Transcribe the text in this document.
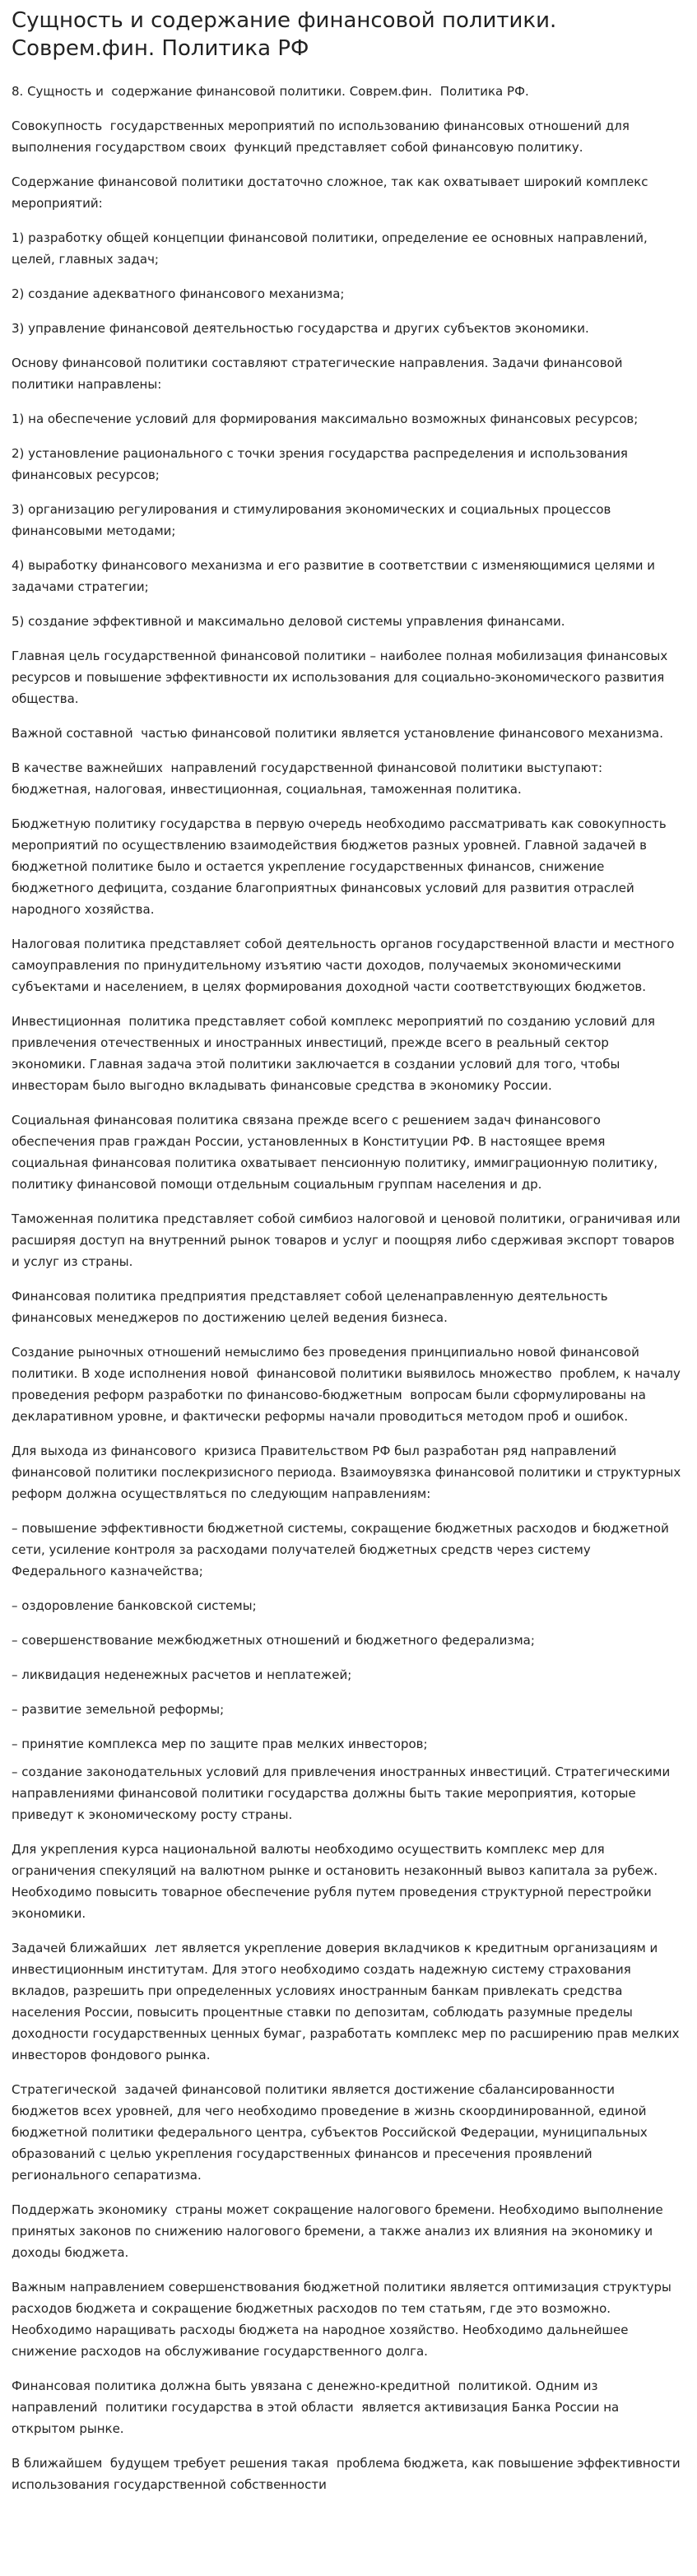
Сущность и содержание финансовой политики. Соврем.фин. Политика РФ
8. Сущность и  содержание финансовой политики. Соврем.фин.  Политика РФ.
Совокупность  государственных мероприятий по использованию финансовых отношений для выполнения государством своих  функций представляет собой финансовую политику.
Содержание финансовой политики достаточно сложное, так как охватывает широкий комплекс мероприятий:
1) разработку общей концепции финансовой политики, определение ее основных направлений, целей, главных задач;
2) создание адекватного финансового механизма;
3) управление финансовой деятельностью государства и других субъектов экономики.
Основу финансовой политики составляют стратегические направления. Задачи финансовой политики направлены:
1) на обеспечение условий для формирования максимально возможных финансовых ресурсов;
2) установление рационального с точки зрения государства распределения и использования финансовых ресурсов;
3) организацию регулирования и стимулирования экономических и социальных процессов финансовыми методами;
4) выработку финансового механизма и его развитие в соответствии с изменяющимися целями и задачами стратегии;
5) создание эффективной и максимально деловой системы управления финансами.
Главная цель государственной финансовой политики – наиболее полная мобилизация финансовых ресурсов и повышение эффективности их использования для социально-экономического развития общества.
Важной составной  частью финансовой политики является установление финансового механизма.
В качестве важнейших  направлений государственной финансовой политики выступают: бюджетная, налоговая, инвестиционная, социальная, таможенная политика.
Бюджетную политику государства в первую очередь необходимо рассматривать как совокупность мероприятий по осуществлению взаимодействия бюджетов разных уровней. Главной задачей в бюджетной политике было и остается укрепление государственных финансов, снижение бюджетного дефицита, создание благоприятных финансовых условий для развития отраслей народного хозяйства.
Налоговая политика представляет собой деятельность органов государственной власти и местного самоуправления по принудительному изъятию части доходов, получаемых экономическими субъектами и населением, в целях формирования доходной части соответствующих бюджетов.
Инвестиционная  политика представляет собой комплекс мероприятий по созданию условий для привлечения отечественных и иностранных инвестиций, прежде всего в реальный сектор экономики. Главная задача этой политики заключается в создании условий для того, чтобы инвесторам было выгодно вкладывать финансовые средства в экономику России.
Социальная финансовая политика связана прежде всего с решением задач финансового обеспечения прав граждан России, установленных в Конституции РФ. В настоящее время социальная финансовая политика охватывает пенсионную политику, иммиграционную политику, политику финансовой помощи отдельным социальным группам населения и др.
Таможенная политика представляет собой симбиоз налоговой и ценовой политики, ограничивая или расширяя доступ на внутренний рынок товаров и услуг и поощряя либо сдерживая экспорт товаров и услуг из страны.
Финансовая политика предприятия представляет собой целенаправленную деятельность финансовых менеджеров по достижению целей ведения бизнеса.
Создание рыночных отношений немыслимо без проведения принципиально новой финансовой политики. В ходе исполнения новой  финансовой политики выявилось множество  проблем, к началу проведения реформ разработки по финансово-бюджетным  вопросам были сформулированы на декларативном уровне, и фактически реформы начали проводиться методом проб и ошибок.
Для выхода из финансового  кризиса Правительством РФ был разработан ряд направлений финансовой политики послекризисного периода. Взаимоувязка финансовой политики и структурных реформ должна осуществляться по следующим направлениям:
– повышение эффективности бюджетной системы, сокращение бюджетных расходов и бюджетной сети, усиление контроля за расходами получателей бюджетных средств через систему Федерального казначейства;
– оздоровление банковской системы;
– совершенствование межбюджетных отношений и бюджетного федерализма;
– ликвидация неденежных расчетов и неплатежей;
– развитие земельной реформы;
– принятие комплекса мер по защите прав мелких инвесторов;
– создание законодательных условий для привлечения иностранных инвестиций. Стратегическими направлениями финансовой политики государства должны быть такие мероприятия, которые приведут к экономическому росту страны.
Для укрепления курса национальной валюты необходимо осуществить комплекс мер для ограничения спекуляций на валютном рынке и остановить незаконный вывоз капитала за рубеж. Необходимо повысить товарное обеспечение рубля путем проведения структурной перестройки экономики.
Задачей ближайших  лет является укрепление доверия вкладчиков к кредитным организациям и инвестиционным институтам. Для этого необходимо создать надежную систему страхования вкладов, разрешить при определенных условиях иностранным банкам привлекать средства населения России, повысить процентные ставки по депозитам, соблюдать разумные пределы доходности государственных ценных бумаг, разработать комплекс мер по расширению прав мелких инвесторов фондового рынка.
Стратегической  задачей финансовой политики является достижение сбалансированности бюджетов всех уровней, для чего необходимо проведение в жизнь скоординированной, единой бюджетной политики федерального центра, субъектов Российской Федерации, муниципальных образований с целью укрепления государственных финансов и пресечения проявлений регионального сепаратизма.
Поддержать экономику  страны может сокращение налогового бремени. Необходимо выполнение принятых законов по снижению налогового бремени, а также анализ их влияния на экономику и доходы бюджета.
Важным направлением совершенствования бюджетной политики является оптимизация структуры расходов бюджета и сокращение бюджетных расходов по тем статьям, где это возможно. Необходимо наращивать расходы бюджета на народное хозяйство. Необходимо дальнейшее снижение расходов на обслуживание государственного долга.
Финансовая политика должна быть увязана с денежно-кредитной  политикой. Одним из направлений  политики государства в этой области  является активизация Банка России на открытом рынке.
В ближайшем  будущем требует решения такая  проблема бюджета, как повышение эффективности использования государственной собственности
